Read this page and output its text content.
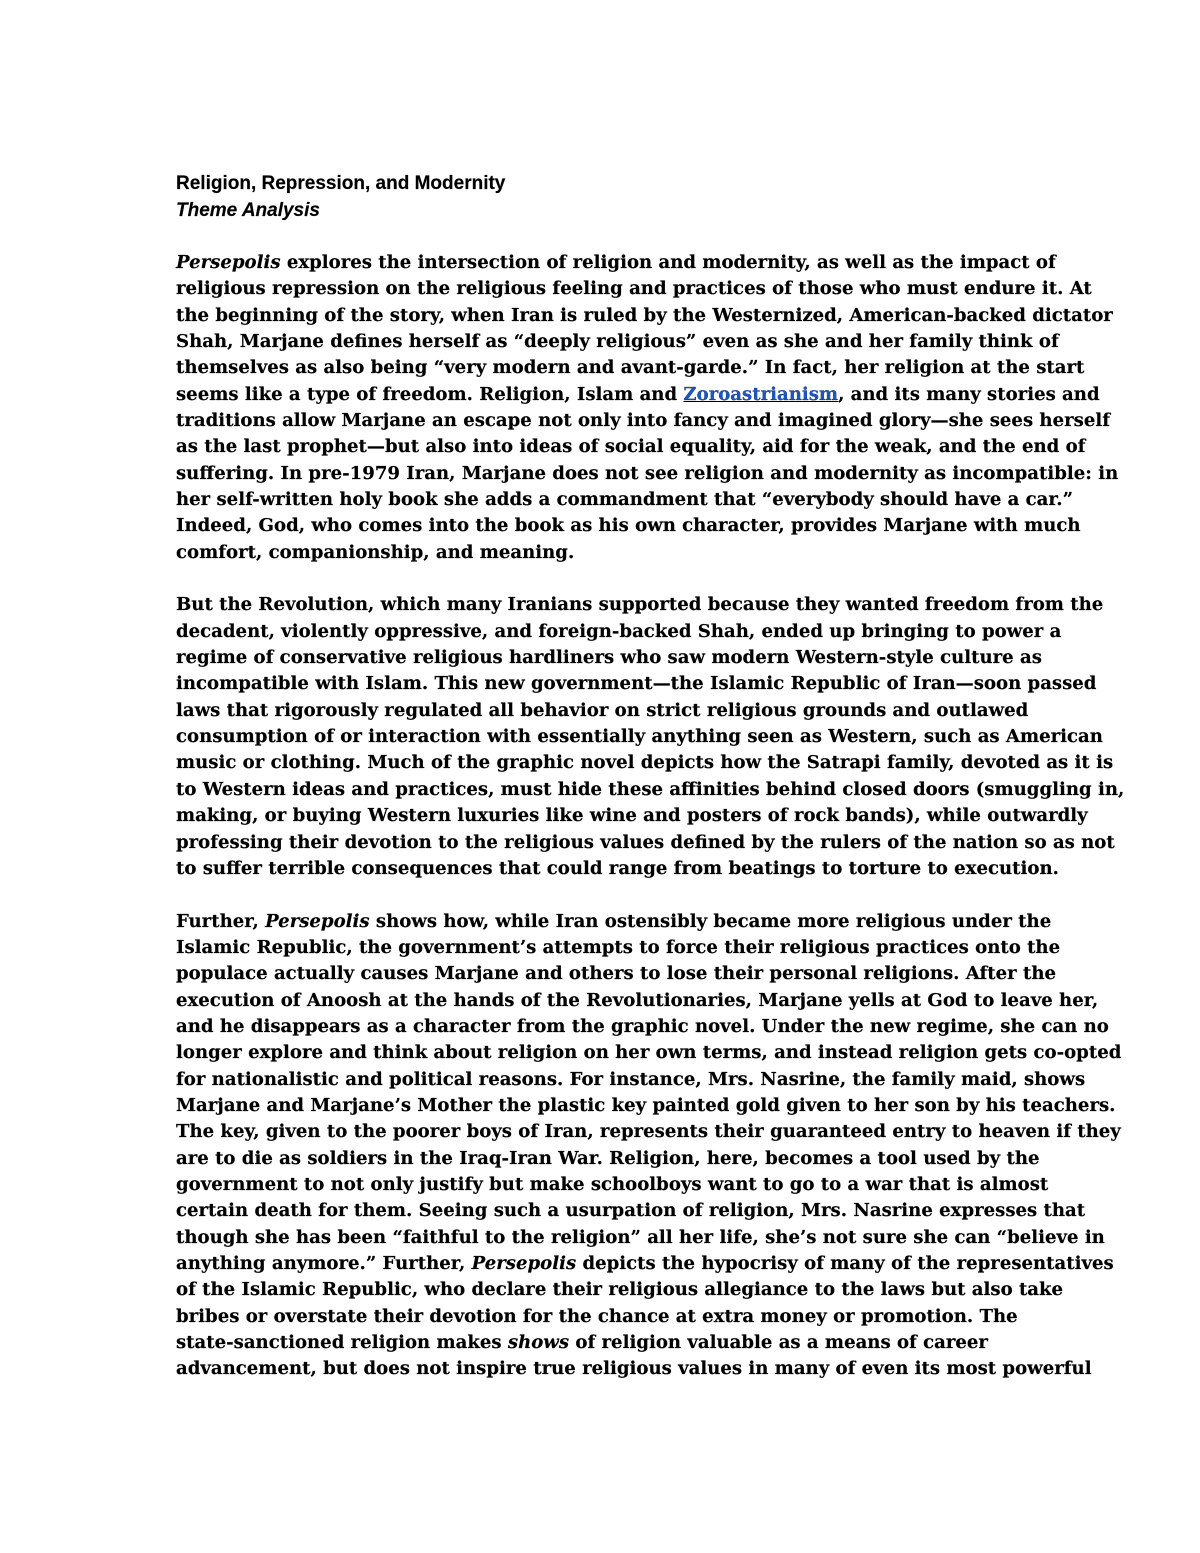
Religion, Repression, and Modernity

Theme Analysis

Persepolis explores the intersection of religion and modernity, as well as the impact of
religious repression on the religious feeling and practices of those who must endure it. At
the beginning of the story, when Iran is ruled by the Westernized, American-backed dictator
Shah, Marjane defines herself as “deeply religious” even as she and her family think of
themselves as also being “very modern and avant-garde.” In fact, her religion at the start
seems like a type of freedom. Religion, Islam and Zoroastrianism, and its many stories and
traditions allow Marjane an escape not only into fancy and imagined glory—she sees herself
as the last prophet—but also into ideas of social equality, aid for the weak, and the end of
suffering. In pre-1979 Iran, Marjane does not see religion and modernity as incompatible: in
her self-written holy book she adds a commandment that “everybody should have a car.”
Indeed, God, who comes into the book as his own character, provides Marjane with much
comfort, companionship, and meaning.
But the Revolution, which many Iranians supported because they wanted freedom from the
decadent, violently oppressive, and foreign-backed Shah, ended up bringing to power a
regime of conservative religious hardliners who saw modern Western-style culture as
incompatible with Islam. This new government—the Islamic Republic of Iran—soon passed
laws that rigorously regulated all behavior on strict religious grounds and outlawed
consumption of or interaction with essentially anything seen as Western, such as American
music or clothing. Much of the graphic novel depicts how the Satrapi family, devoted as it is
to Western ideas and practices, must hide these affinities behind closed doors (smuggling in,
making, or buying Western luxuries like wine and posters of rock bands), while outwardly
professing their devotion to the religious values defined by the rulers of the nation so as not
to suffer terrible consequences that could range from beatings to torture to execution.
Further, Persepolis shows how, while Iran ostensibly became more religious under the
Islamic Republic, the government’s attempts to force their religious practices onto the
populace actually causes Marjane and others to lose their personal religions. After the
execution of Anoosh at the hands of the Revolutionaries, Marjane yells at God to leave her,
and he disappears as a character from the graphic novel. Under the new regime, she can no
longer explore and think about religion on her own terms, and instead religion gets co-opted
for nationalistic and political reasons. For instance, Mrs. Nasrine, the family maid, shows
Marjane and Marjane’s Mother the plastic key painted gold given to her son by his teachers.
The key, given to the poorer boys of Iran, represents their guaranteed entry to heaven if they
are to die as soldiers in the Iraq-Iran War. Religion, here, becomes a tool used by the
government to not only justify but make schoolboys want to go to a war that is almost
certain death for them. Seeing such a usurpation of religion, Mrs. Nasrine expresses that
though she has been “faithful to the religion” all her life, she’s not sure she can “believe in
anything anymore.” Further, Persepolis depicts the hypocrisy of many of the representatives
of the Islamic Republic, who declare their religious allegiance to the laws but also take
bribes or overstate their devotion for the chance at extra money or promotion. The
state-sanctioned religion makes shows of religion valuable as a means of career
advancement, but does not inspire true religious values in many of even its most powerful
